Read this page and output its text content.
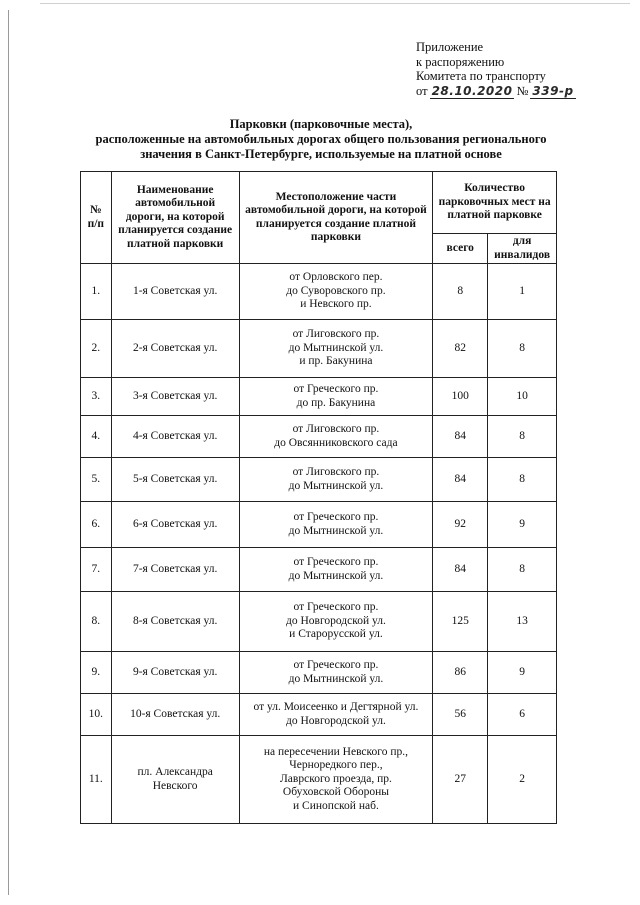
Приложение
к распоряжению
Комитета по транспорту
от 28.10.2020 № 339-р
Парковки (парковочные места),
расположенные на автомобильных дорогах общего пользования регионального
значения в Санкт-Петербурге, используемые на платной основе
№ п/п	Наименование автомобильной дороги, на которой планируется создание платной парковки	Местоположение части автомобильной дороги, на которой планируется создание платной парковки	Количество парковочных мест на платной парковке	
			всего	для инвалидов
1.	1-я Советская ул.	от Орловского пер.
до Суворовского пр.
и Невского пр.	8	1
2.	2-я Советская ул.	от Лиговского пр.
до Мытнинской ул.
и пр. Бакунина	82	8
3.	3-я Советская ул.	от Греческого пр.
до пр. Бакунина	100	10
4.	4-я Советская ул.	от Лиговского пр.
до Овсянниковского сада	84	8
5.	5-я Советская ул.	от Лиговского пр.
до Мытнинской ул.	84	8
6.	6-я Советская ул.	от Греческого пр.
до Мытнинской ул.	92	9
7.	7-я Советская ул.	от Греческого пр.
до Мытнинской ул.	84	8
8.	8-я Советская ул.	от Греческого пр.
до Новгородской ул.
и Старорусской ул.	125	13
9.	9-я Советская ул.	от Греческого пр.
до Мытнинской ул.	86	9
10.	10-я Советская ул.	от ул. Моисеенко и Дегтярной ул.
до Новгородской ул.	56	6
11.	пл. Александра Невского	на пересечении Невского пр.,
Черноредкого пер.,
Лаврского проезда, пр.
Обуховской Обороны
и Синопской наб.	27	2
